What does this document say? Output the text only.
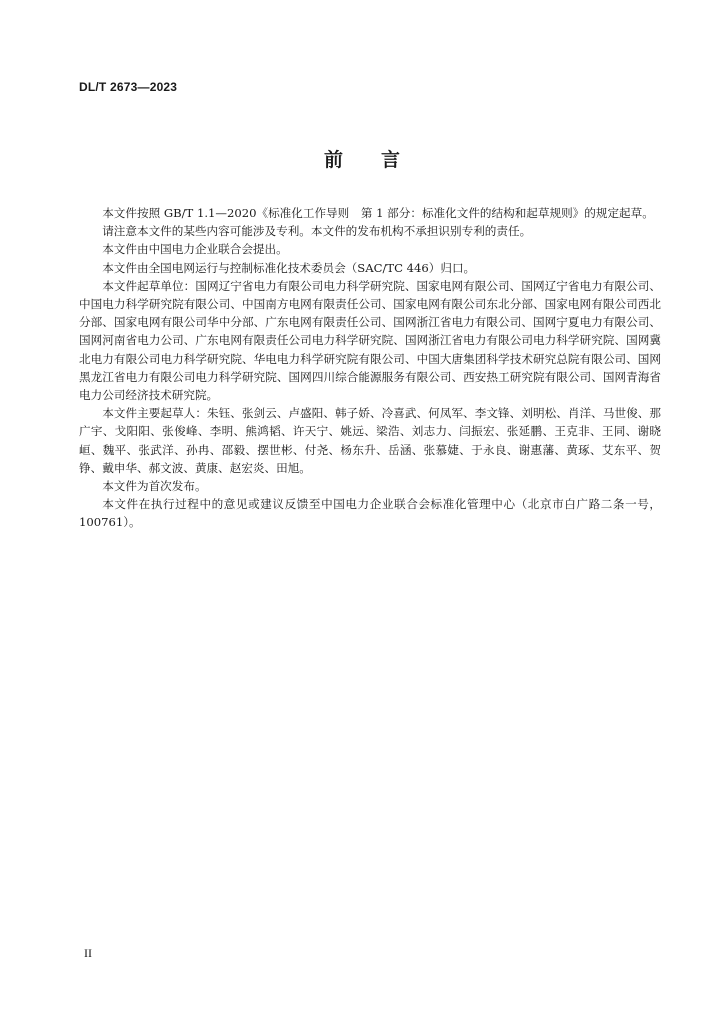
DL/T 2673—2023
前言

本文件按照 GB/T 1.1—2020《标准化工作导则　第 1 部分：标准化文件的结构和起草规则》的规定起草。

请注意本文件的某些内容可能涉及专利。本文件的发布机构不承担识别专利的责任。

本文件由中国电力企业联合会提出。

本文件由全国电网运行与控制标准化技术委员会（SAC/TC 446）归口。

本文件起草单位：国网辽宁省电力有限公司电力科学研究院、国家电网有限公司、国网辽宁省电力有限公司、中国电力科学研究院有限公司、中国南方电网有限责任公司、国家电网有限公司东北分部、国家电网有限公司西北分部、国家电网有限公司华中分部、广东电网有限责任公司、国网浙江省电力有限公司、国网宁夏电力有限公司、国网河南省电力公司、广东电网有限责任公司电力科学研究院、国网浙江省电力有限公司电力科学研究院、国网冀北电力有限公司电力科学研究院、华电电力科学研究院有限公司、中国大唐集团科学技术研究总院有限公司、国网黑龙江省电力有限公司电力科学研究院、国网四川综合能源服务有限公司、西安热工研究院有限公司、国网青海省电力公司经济技术研究院。

本文件主要起草人：朱钰、张剑云、卢盛阳、韩子娇、冷喜武、何凤军、李文锋、刘明松、肖洋、马世俊、那广宇、戈阳阳、张俊峰、李明、熊鸿韬、许天宁、姚远、梁浩、刘志力、闫振宏、张延鹏、王克非、王同、谢晓峘、魏平、张武洋、孙冉、邵毅、摆世彬、付尧、杨东升、岳涵、张慕婕、于永良、谢惠藩、黄琢、艾东平、贺铮、戴申华、郝文波、黄康、赵宏炎、田旭。

本文件为首次发布。

本文件在执行过程中的意见或建议反馈至中国电力企业联合会标准化管理中心（北京市白广路二条一号，100761）。

II
